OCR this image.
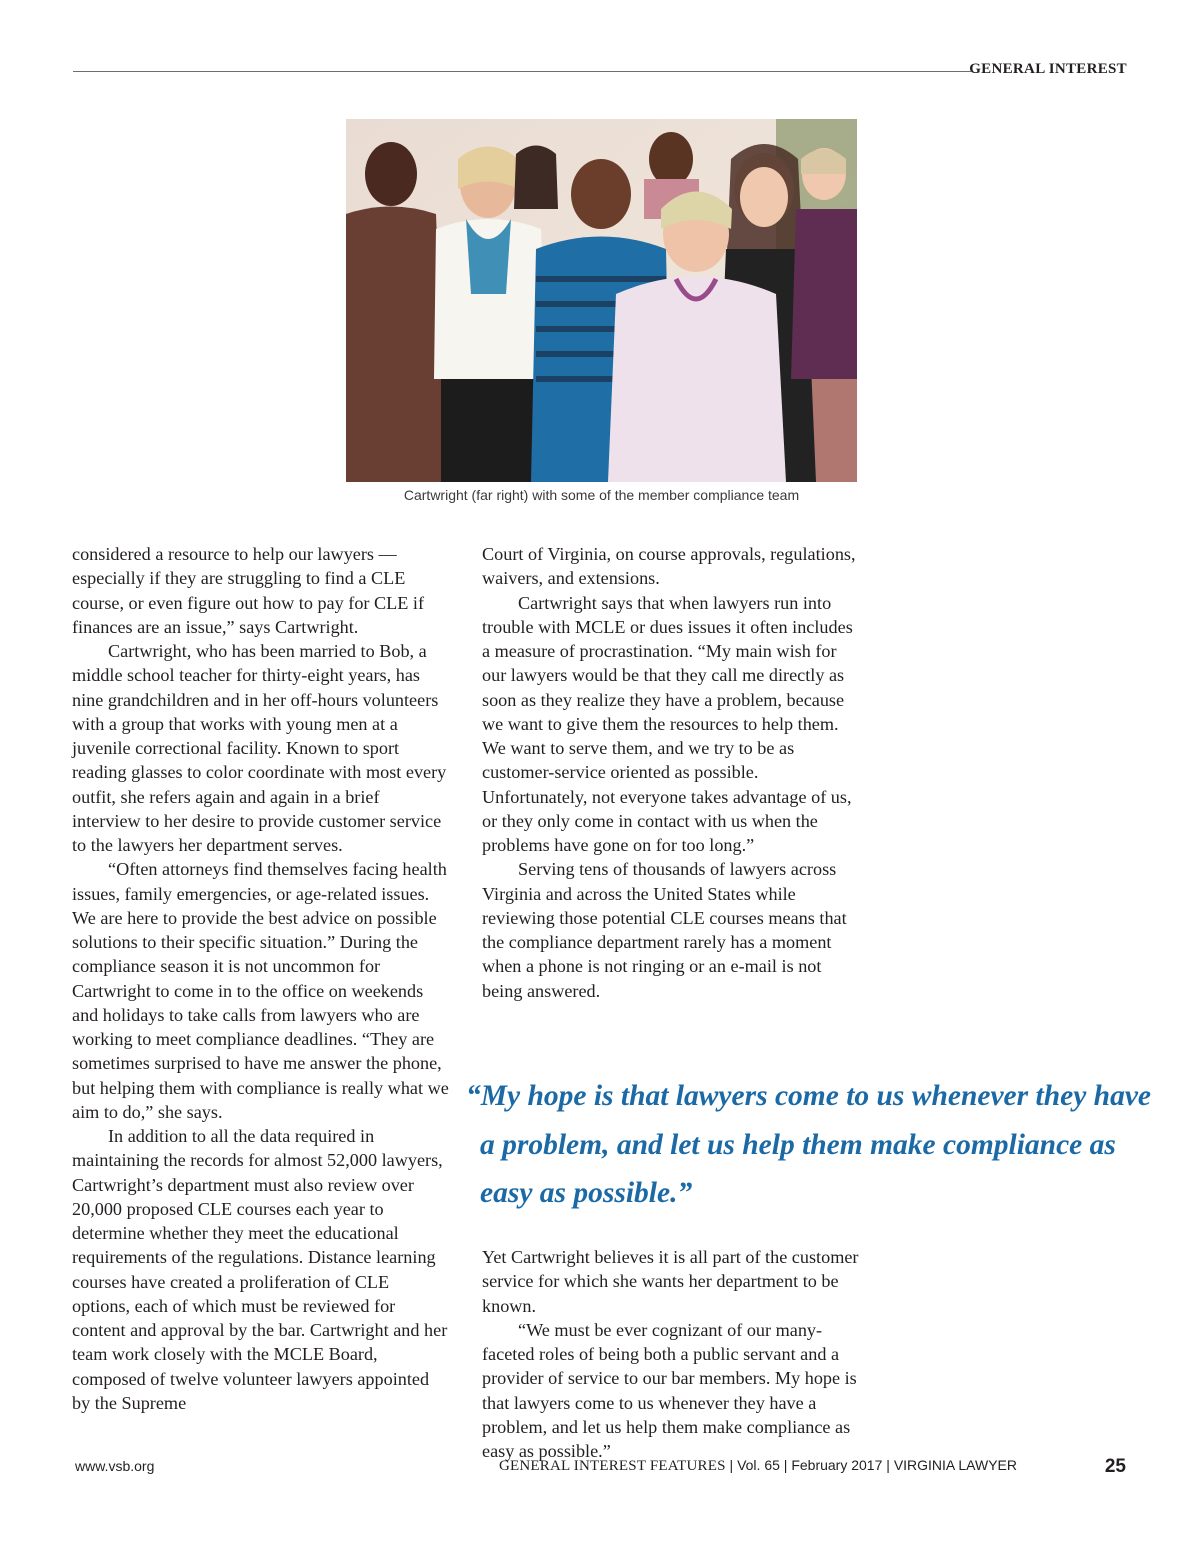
GENERAL INTEREST
Cartwright (far right) with some of the member compliance team

considered a resource to help our lawyers — especially if they are struggling to find a CLE course, or even figure out how to pay for CLE if finances are an issue,” says Cartwright.

Cartwright, who has been married to Bob, a middle school teacher for thirty-eight years, has nine grandchildren and in her off-hours volunteers with a group that works with young men at a juvenile correctional facility. Known to sport reading glasses to color coordinate with most every outfit, she refers again and again in a brief interview to her desire to provide customer service to the lawyers her department serves.

“Often attorneys find themselves facing health issues, family emergencies, or age-related issues. We are here to provide the best advice on possible solutions to their specific situation.” During the compliance season it is not uncommon for Cartwright to come in to the office on weekends and holidays to take calls from lawyers who are working to meet compliance deadlines. “They are sometimes surprised to have me answer the phone, but helping them with compliance is really what we aim to do,” she says.

In addition to all the data required in maintaining the records for almost 52,000 lawyers, Cartwright’s department must also review over 20,000 proposed CLE courses each year to determine whether they meet the educational requirements of the regulations. Distance learning courses have created a proliferation of CLE options, each of which must be reviewed for content and approval by the bar. Cartwright and her team work closely with the MCLE Board, composed of twelve volunteer lawyers appointed by the Supreme

Court of Virginia, on course approvals, regulations, waivers, and extensions.

Cartwright says that when lawyers run into trouble with MCLE or dues issues it often includes a measure of procrastination. “My main wish for our lawyers would be that they call me directly as soon as they realize they have a problem, because we want to give them the resources to help them. We want to serve them, and we try to be as customer-service oriented as possible. Unfortunately, not everyone takes advantage of us, or they only come in contact with us when the problems have gone on for too long.”

Serving tens of thousands of lawyers across Virginia and across the United States while reviewing those potential CLE courses means that the compliance department rarely has a moment when a phone is not ringing or an e-mail is not being answered.

“My hope is that lawyers come to us whenever they have a problem, and let us help them make compliance as easy as possible.”

Yet Cartwright believes it is all part of the customer service for which she wants her department to be known.

“We must be ever cognizant of our many-faceted roles of being both a public servant and a provider of service to our bar members. My hope is that lawyers come to us whenever they have a problem, and let us help them make compliance as easy as possible.”

www.vsb.org	GENERAL INTEREST FEATURES | Vol. 65 | February 2017 | VIRGINIA LAWYER	25
